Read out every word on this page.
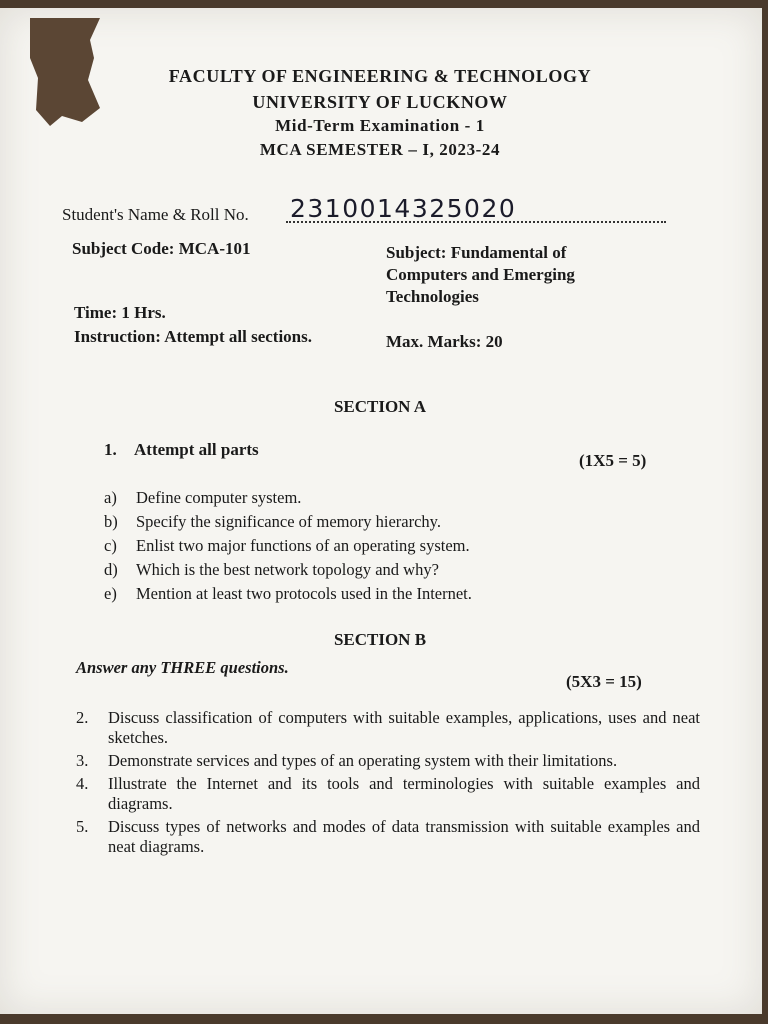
FACULTY OF ENGINEERING & TECHNOLOGY
UNIVERSITY OF LUCKNOW
Mid-Term Examination - 1
MCA SEMESTER – I, 2023-24
Student's Name & Roll No. 2310014325020
Subject Code: MCA-101	Subject: Fundamental of Computers and Emerging Technologies
Time: 1 Hrs.
Instruction: Attempt all sections.	Max. Marks: 20
SECTION A
1. Attempt all parts
(1X5 = 5)
a) Define computer system.
b) Specify the significance of memory hierarchy.
c) Enlist two major functions of an operating system.
d) Which is the best network topology and why?
e) Mention at least two protocols used in the Internet.
SECTION B
Answer any THREE questions.
(5X3 = 15)
2. Discuss classification of computers with suitable examples, applications, uses and neat sketches.
3. Demonstrate services and types of an operating system with their limitations.
4. Illustrate the Internet and its tools and terminologies with suitable examples and diagrams.
5. Discuss types of networks and modes of data transmission with suitable examples and neat diagrams.
